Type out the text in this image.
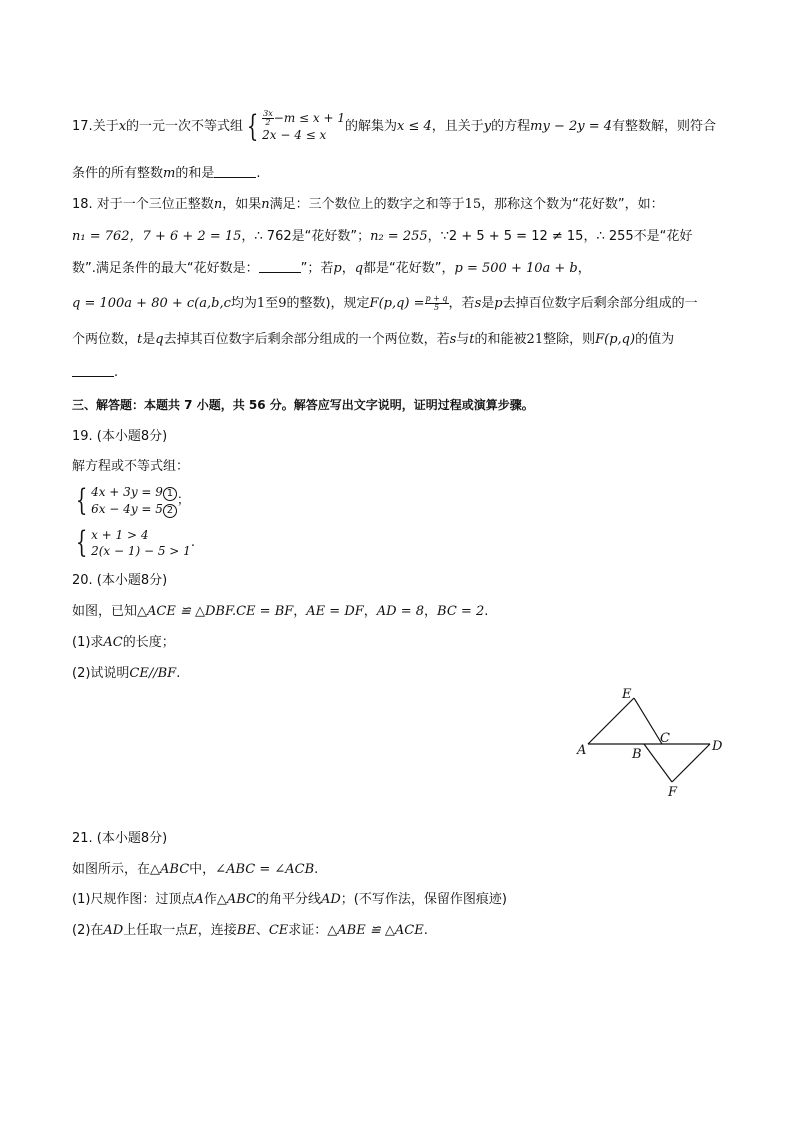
17.关于x的一元一次不等式组 { $\frac{3x}{2} -m \le x + 1$
2x − 4 ≤ x
的解集为x ≤ 4，且关于y的方程my − 2y = 4有整数解，则符合
条件的所有整数m的和是	.
18. 对于一个三位正整数n，如果n满足：三个数位上的数字之和等于15，那称这个数为“花好数”，如：
n₁ = 762，7 + 6 + 2 = 15，∴ 762是“花好数”；n₂ = 255，∵2 + 5 + 5 = 12 ≠ 15，∴ 255不是“花好
数”.满足条件的最大“花好数是：	”；若p，q都是“花好数”，p = 500 + 10a + b，
q = 100a + 80 + c(a,b,c均为1至9的整数)，规定$F(p,q) = \frac{p + q}{5}$ ，若s是p去掉百位数字后剩余部分组成的一
个两位数，t是q去掉其百位数字后剩余部分组成的一个两位数，若s与t的和能被21整除，则F(p,q)的值为
.
三、解答题：本题共 7 小题，共 56 分。解答应写出文字说明，证明过程或演算步骤。
19. (本小题8分)
解方程或不等式组：
{ 4x + 3y = 9 1
6x − 4y = 5 2
；
{ x + 1 > 4
2(x − 1) − 5 > 1
.
20. (本小题8分)
如图，已知△ACE ≌ △DBF.CE = BF，AE = DF，AD = 8，BC = 2.
(1)求AC的长度；
(2)试说明CE//BF.
E
A	B
C
D
F
21. (本小题8分)
如图所示，在△ABC中，∠ABC = ∠ACB.
(1)尺规作图：过顶点A作△ABC的角平分线AD；(不写作法，保留作图痕迹)
(2)在AD上任取一点E，连接BE、CE求证：△ABE ≌ △ACE.
